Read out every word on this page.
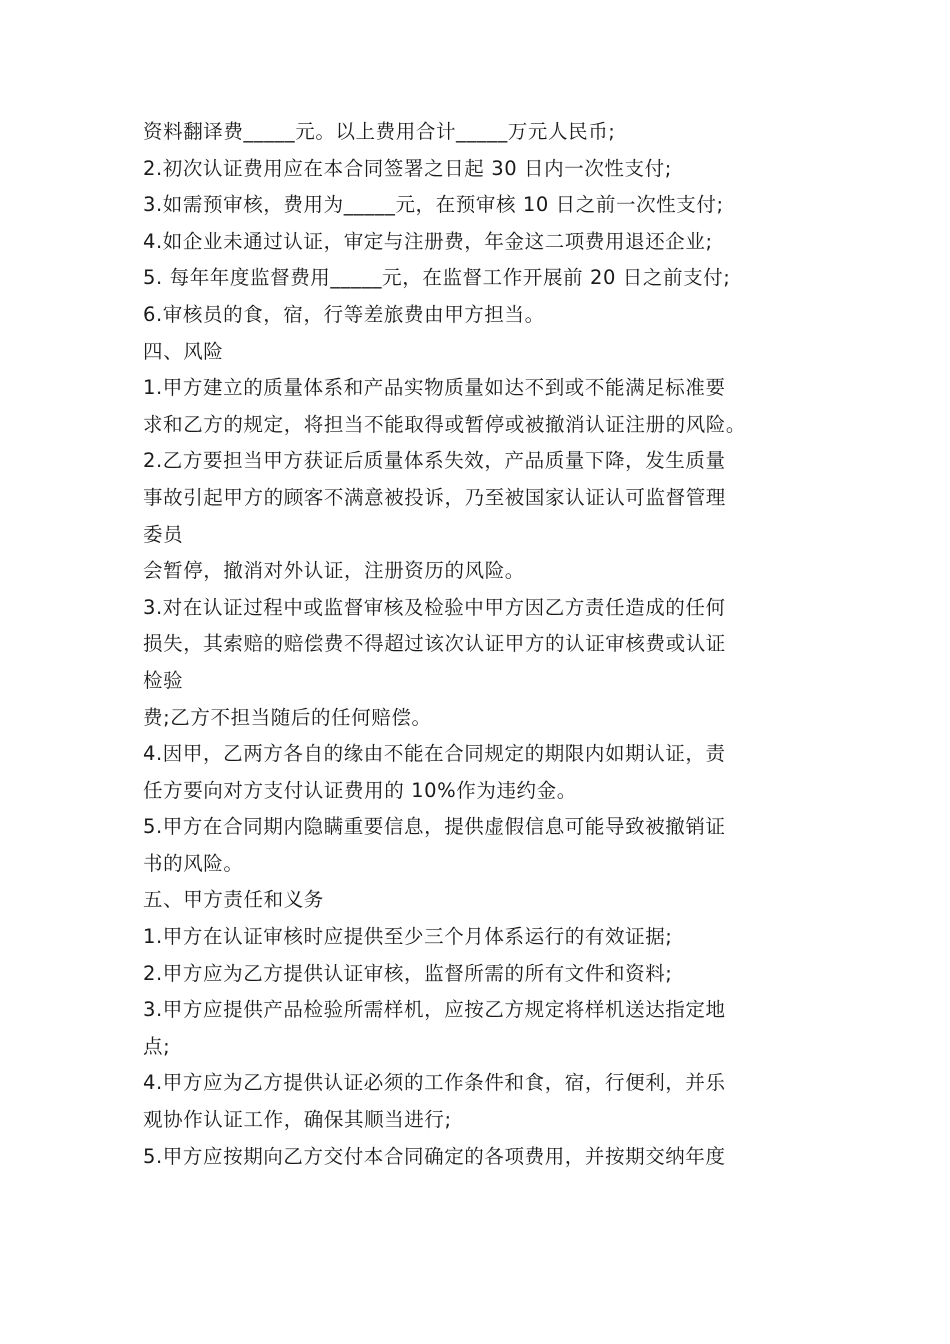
资料翻译费_____元。以上费用合计_____万元人民币;
2.初次认证费用应在本合同签署之日起 30 日内一次性支付;
3.如需预审核，费用为_____元，在预审核 10 日之前一次性支付;
4.如企业未通过认证，审定与注册费，年金这二项费用退还企业;
5. 每年年度监督费用_____元，在监督工作开展前 20 日之前支付;
6.审核员的食，宿，行等差旅费由甲方担当。
四、风险
1.甲方建立的质量体系和产品实物质量如达不到或不能满足标准要
求和乙方的规定，将担当不能取得或暂停或被撤消认证注册的风险。
2.乙方要担当甲方获证后质量体系失效，产品质量下降，发生质量
事故引起甲方的顾客不满意被投诉，乃至被国家认证认可监督管理
委员
会暂停，撤消对外认证，注册资历的风险。
3.对在认证过程中或监督审核及检验中甲方因乙方责任造成的任何
损失，其索赔的赔偿费不得超过该次认证甲方的认证审核费或认证
检验
费;乙方不担当随后的任何赔偿。
4.因甲，乙两方各自的缘由不能在合同规定的期限内如期认证，责
任方要向对方支付认证费用的 10%作为违约金。
5.甲方在合同期内隐瞒重要信息，提供虚假信息可能导致被撤销证
书的风险。
五、甲方责任和义务
1.甲方在认证审核时应提供至少三个月体系运行的有效证据;
2.甲方应为乙方提供认证审核，监督所需的所有文件和资料;
3.甲方应提供产品检验所需样机，应按乙方规定将样机送达指定地
点;
4.甲方应为乙方提供认证必须的工作条件和食，宿，行便利，并乐
观协作认证工作，确保其顺当进行;
5.甲方应按期向乙方交付本合同确定的各项费用，并按期交纳年度
